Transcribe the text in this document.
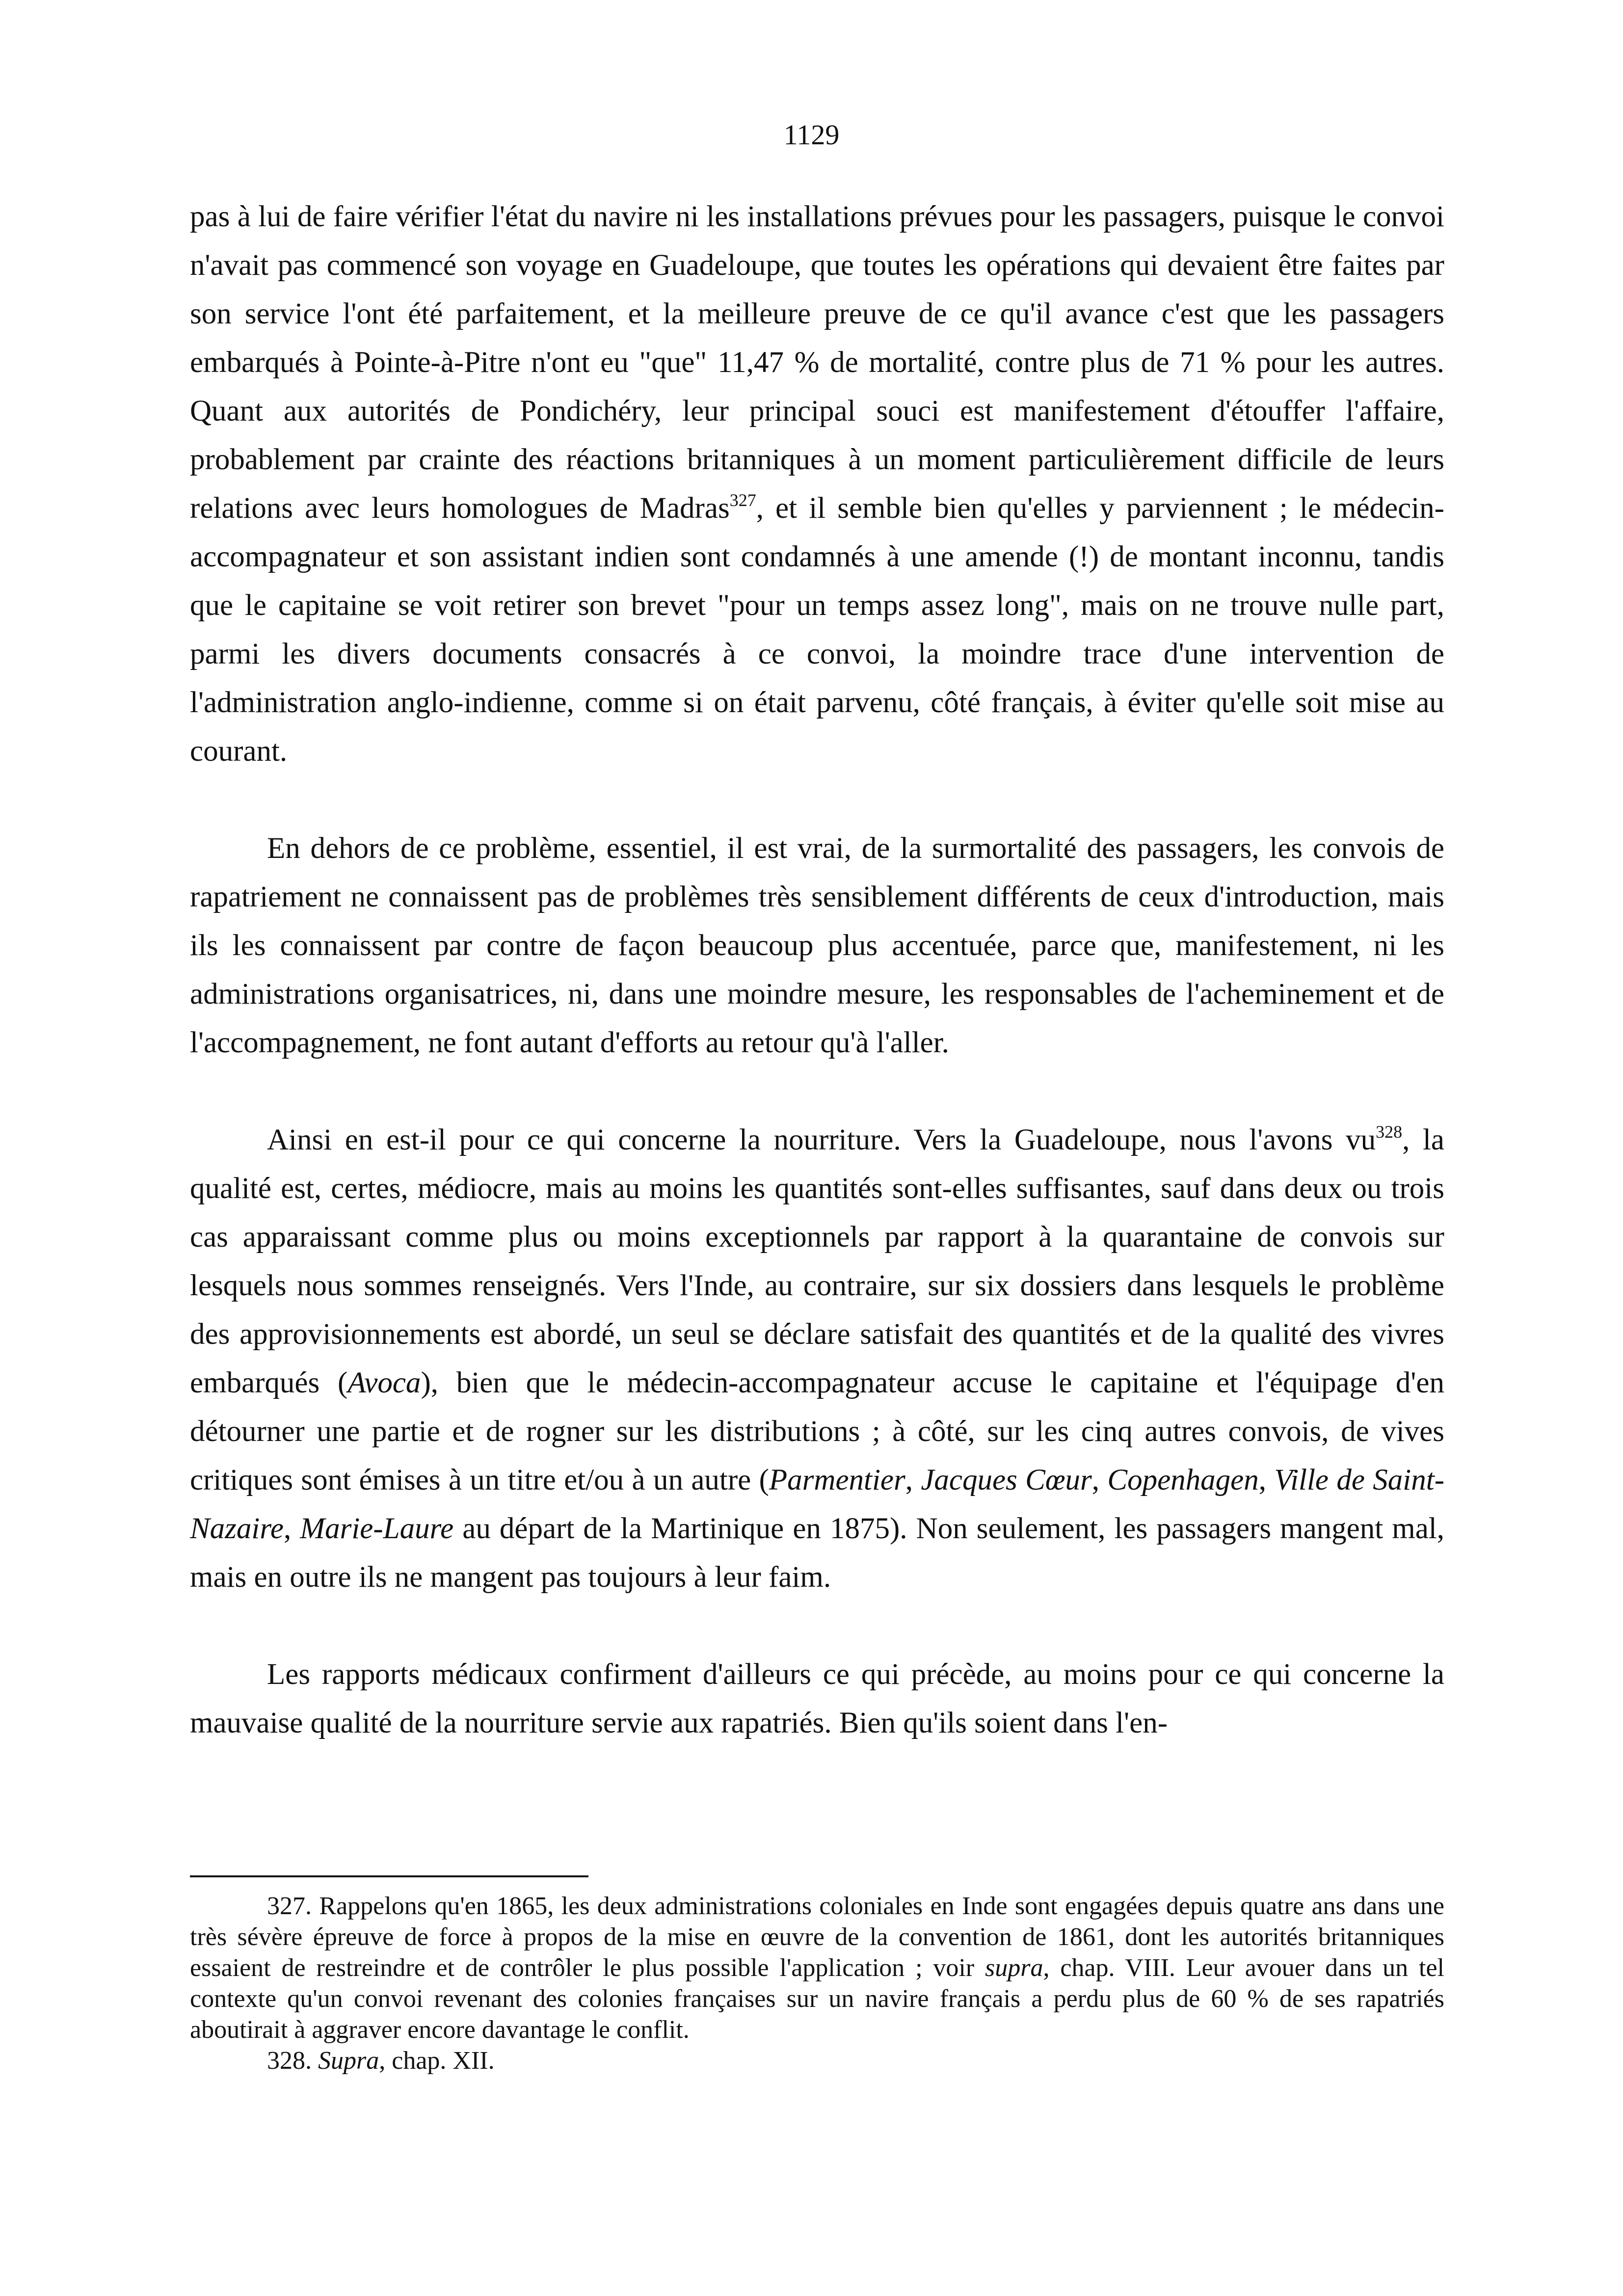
1129

pas à lui de faire vérifier l'état du navire ni les installations prévues pour les passagers, puisque le convoi n'avait pas commencé son voyage en Guadeloupe, que toutes les opérations qui devaient être faites par son service l'ont été parfaitement, et la meilleure preuve de ce qu'il avance c'est que les passagers embarqués à Pointe-à-Pitre n'ont eu "que" 11,47 % de mortalité, contre plus de 71 % pour les autres. Quant aux autorités de Pondichéry, leur principal souci est manifestement d'étouffer l'affaire, probablement par crainte des réactions britanniques à un moment particulièrement difficile de leurs relations avec leurs homologues de Madras$^{327}$, et il semble bien qu'elles y parviennent ; le médecin-accompagnateur et son assistant indien sont condamnés à une amende (!) de montant inconnu, tandis que le capitaine se voit retirer son brevet "pour un temps assez long", mais on ne trouve nulle part, parmi les divers documents consacrés à ce convoi, la moindre trace d'une intervention de l'administration anglo-indienne, comme si on était parvenu, côté français, à éviter qu'elle soit mise au courant.

En dehors de ce problème, essentiel, il est vrai, de la surmortalité des passagers, les convois de rapatriement ne connaissent pas de problèmes très sensiblement différents de ceux d'introduction, mais ils les connaissent par contre de façon beaucoup plus accentuée, parce que, manifestement, ni les administrations organisatrices, ni, dans une moindre mesure, les responsables de l'acheminement et de l'accompagnement, ne font autant d'efforts au retour qu'à l'aller.

Ainsi en est-il pour ce qui concerne la nourriture. Vers la Guadeloupe, nous l'avons vu$^{328}$, la qualité est, certes, médiocre, mais au moins les quantités sont-elles suffisantes, sauf dans deux ou trois cas apparaissant comme plus ou moins exceptionnels par rapport à la quarantaine de convois sur lesquels nous sommes renseignés. Vers l'Inde, au contraire, sur six dossiers dans lesquels le problème des approvisionnements est abordé, un seul se déclare satisfait des quantités et de la qualité des vivres embarqués (Avoca), bien que le médecin-accompagnateur accuse le capitaine et l'équipage d'en détourner une partie et de rogner sur les distributions ; à côté, sur les cinq autres convois, de vives critiques sont émises à un titre et/ou à un autre (Parmentier, Jacques Cœur, Copenhagen, Ville de Saint-Nazaire, Marie-Laure au départ de la Martinique en 1875). Non seulement, les passagers mangent mal, mais en outre ils ne mangent pas toujours à leur faim.

Les rapports médicaux confirment d'ailleurs ce qui précède, au moins pour ce qui concerne la mauvaise qualité de la nourriture servie aux rapatriés. Bien qu'ils soient dans l'en-

327. Rappelons qu'en 1865, les deux administrations coloniales en Inde sont engagées depuis quatre ans dans une très sévère épreuve de force à propos de la mise en œuvre de la convention de 1861, dont les autorités britanniques essaient de restreindre et de contrôler le plus possible l'application ; voir supra, chap. VIII. Leur avouer dans un tel contexte qu'un convoi revenant des colonies françaises sur un navire français a perdu plus de 60 % de ses rapatriés aboutirait à aggraver encore davantage le conflit.

328. Supra, chap. XII.
